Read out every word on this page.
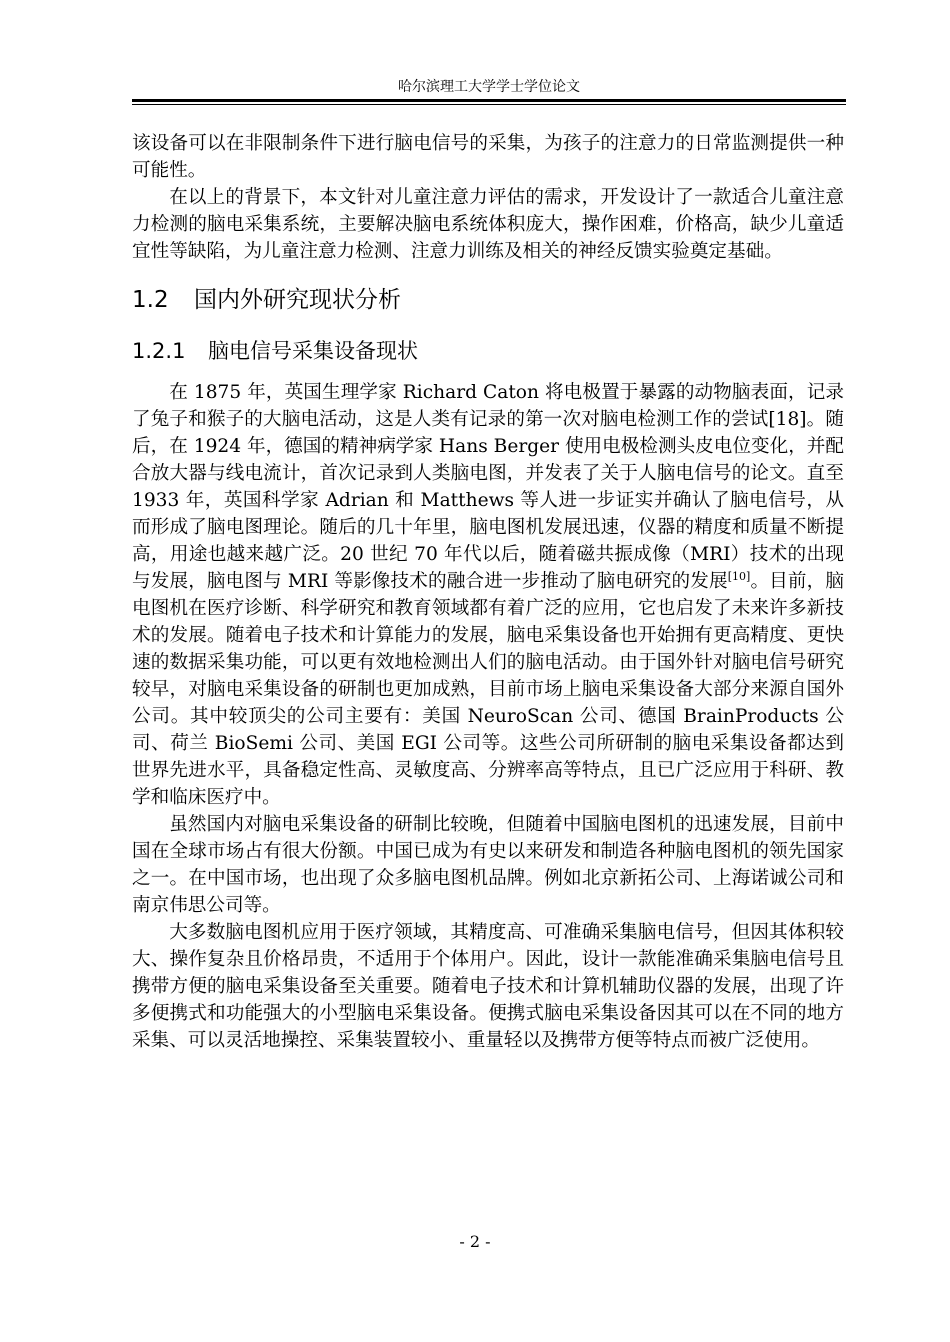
哈尔滨理工大学学士学位论文

该设备可以在非限制条件下进行脑电信号的采集，为孩子的注意力的日常监测提供一种可能性。

在以上的背景下，本文针对儿童注意力评估的需求，开发设计了一款适合儿童注意力检测的脑电采集系统，主要解决脑电系统体积庞大，操作困难，价格高，缺少儿童适宜性等缺陷，为儿童注意力检测、注意力训练及相关的神经反馈实验奠定基础。

1.2 国内外研究现状分析
1.2.1 脑电信号采集设备现状

在 1875 年，英国生理学家 Richard Caton 将电极置于暴露的动物脑表面，记录了兔子和猴子的大脑电活动，这是人类有记录的第一次对脑电检测工作的尝试[18]。随后，在 1924 年，德国的精神病学家 Hans Berger 使用电极检测头皮电位变化，并配合放大器与线电流计，首次记录到人类脑电图，并发表了关于人脑电信号的论文。直至 1933 年，英国科学家 Adrian 和 Matthews 等人进一步证实并确认了脑电信号，从而形成了脑电图理论。随后的几十年里，脑电图机发展迅速，仪器的精度和质量不断提高，用途也越来越广泛。20 世纪 70 年代以后，随着磁共振成像（MRI）技术的出现与发展，脑电图与 MRI 等影像技术的融合进一步推动了脑电研究的发展[10]。目前，脑电图机在医疗诊断、科学研究和教育领域都有着广泛的应用，它也启发了未来许多新技术的发展。随着电子技术和计算能力的发展，脑电采集设备也开始拥有更高精度、更快速的数据采集功能，可以更有效地检测出人们的脑电活动。由于国外针对脑电信号研究较早，对脑电采集设备的研制也更加成熟，目前市场上脑电采集设备大部分来源自国外公司。其中较顶尖的公司主要有：美国 NeuroScan 公司、德国 BrainProducts 公司、荷兰 BioSemi 公司、美国 EGI 公司等。这些公司所研制的脑电采集设备都达到世界先进水平，具备稳定性高、灵敏度高、分辨率高等特点，且已广泛应用于科研、教学和临床医疗中。

虽然国内对脑电采集设备的研制比较晚，但随着中国脑电图机的迅速发展，目前中国在全球市场占有很大份额。中国已成为有史以来研发和制造各种脑电图机的领先国家之一。在中国市场，也出现了众多脑电图机品牌。例如北京新拓公司、上海诺诚公司和南京伟思公司等。

大多数脑电图机应用于医疗领域，其精度高、可准确采集脑电信号，但因其体积较大、操作复杂且价格昂贵，不适用于个体用户。因此，设计一款能准确采集脑电信号且携带方便的脑电采集设备至关重要。随着电子技术和计算机辅助仪器的发展，出现了许多便携式和功能强大的小型脑电采集设备。便携式脑电采集设备因其可以在不同的地方采集、可以灵活地操控、采集装置较小、重量轻以及携带方便等特点而被广泛使用。

- 2 -
